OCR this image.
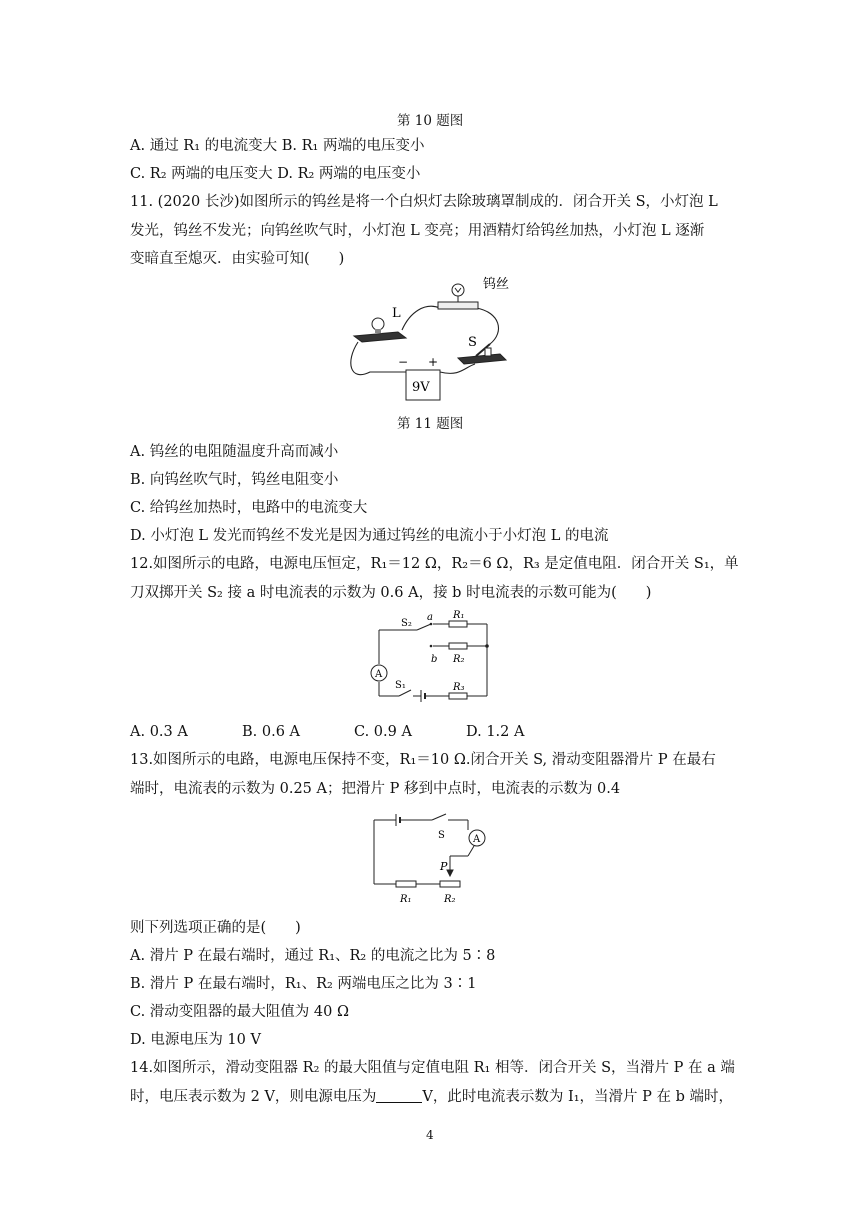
第 10 题图
A. 通过 R₁ 的电流变大 B. R₁ 两端的电压变小
C. R₂ 两端的电压变大 D. R₂ 两端的电压变小
11. (2020 长沙)如图所示的钨丝是将一个白炽灯去除玻璃罩制成的．闭合开关 S，小灯泡 L
发光，钨丝不发光；向钨丝吹气时，小灯泡 L 变亮；用酒精灯给钨丝加热，小灯泡 L 逐渐
变暗直至熄灭．由实验可知(　　)
− +
9V
钨丝
L
S
第 11 题图
A. 钨丝的电阻随温度升高而减小
B. 向钨丝吹气时，钨丝电阻变小
C. 给钨丝加热时，电路中的电流变大
D. 小灯泡 L 发光而钨丝不发光是因为通过钨丝的电流小于小灯泡 L 的电流
12.如图所示的电路，电源电压恒定，R₁＝12 Ω，R₂＝6 Ω，R₃ 是定值电阻．闭合开关 S₁，单
刀双掷开关 S₂ 接 a 时电流表的示数为 0.6 A，接 b 时电流表的示数可能为(　　)
A
S₂
a
b
R₁
R₂
R₃
S₁
A. 0.3 A	B. 0.6 A	C. 0.9 A	D. 1.2 A
13.如图所示的电路，电源电压保持不变，R₁＝10 Ω.闭合开关 S, 滑动变阻器滑片 P 在最右
端时，电流表的示数为 0.25 A；把滑片 P 移到中点时，电流表的示数为 0.4
A
S
P
R₁	R₂
则下列选项正确的是(　　)
A. 滑片 P 在最右端时，通过 R₁、R₂ 的电流之比为 5∶8
B. 滑片 P 在最右端时，R₁、R₂ 两端电压之比为 3∶1
C. 滑动变阻器的最大阻值为 40 Ω
D. 电源电压为 10 V
14.如图所示，滑动变阻器 R₂ 的最大阻值与定值电阻 R₁ 相等．闭合开关 S，当滑片 P 在 a 端
时，电压表示数为 2 V，则电源电压为	V，此时电流表示数为 I₁，当滑片 P 在 b 端时，
4
